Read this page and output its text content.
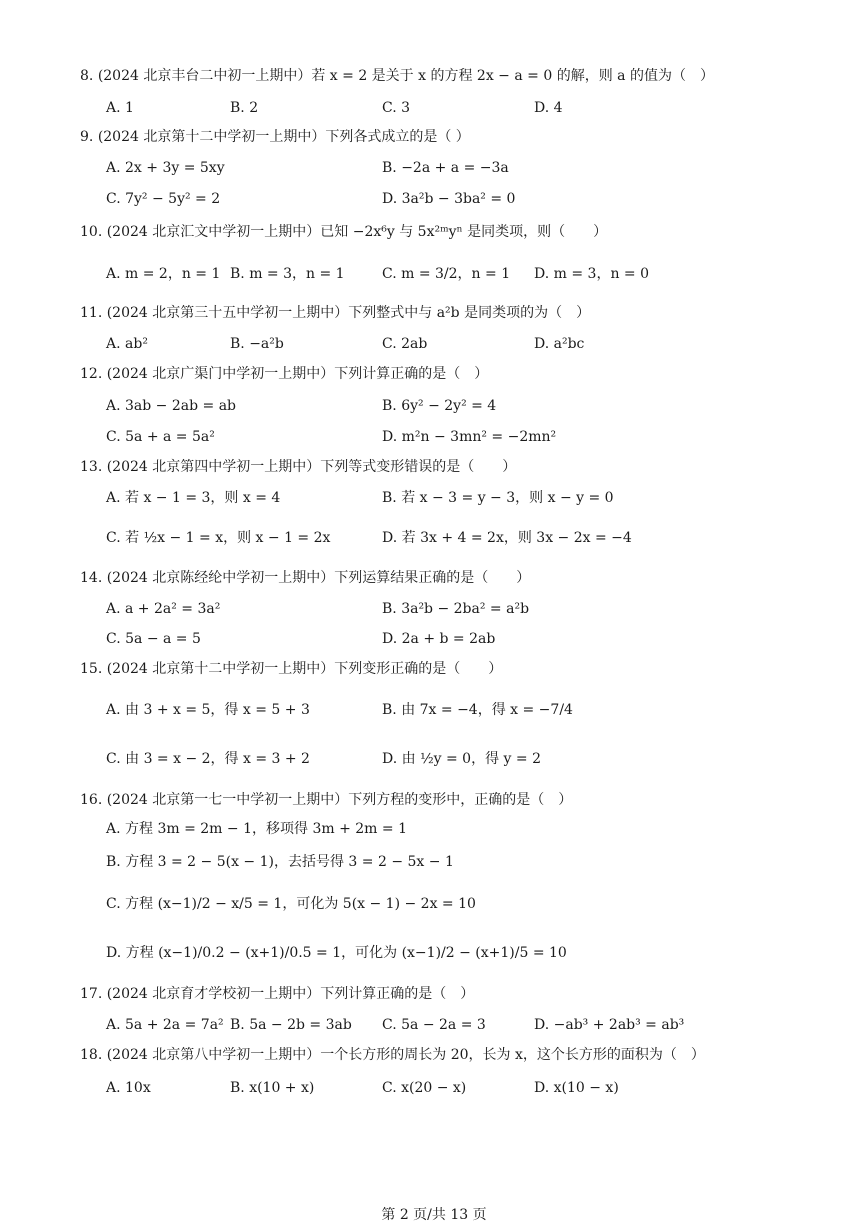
8. (2024 北京丰台二中初一上期中）若 x = 2 是关于 x 的方程 2x − a = 0 的解，则 a 的值为（　）
A. 1	B. 2	C. 3	D. 4
9. (2024 北京第十二中学初一上期中）下列各式成立的是（ ）
A. 2x + 3y = 5xy	B. −2a + a = −3a
C. 7y² − 5y² = 2	D. 3a²b − 3ba² = 0
10. (2024 北京汇文中学初一上期中）已知 −2x⁶y 与 5x²ᵐyⁿ 是同类项，则（　　）
A. m = 2，n = 1 B. m = 3，n = 1	C. m = 3/2，n = 1 D. m = 3，n = 0
11. (2024 北京第三十五中学初一上期中）下列整式中与 a²b 是同类项的为（　）
A. ab²	B. −a²b	C. 2ab	D. a²bc
12. (2024 北京广渠门中学初一上期中）下列计算正确的是（　）
A. 3ab − 2ab = ab	B. 6y² − 2y² = 4
C. 5a + a = 5a²	D. m²n − 3mn² = −2mn²
13. (2024 北京第四中学初一上期中）下列等式变形错误的是（　　）
A. 若 x − 1 = 3，则 x = 4	B. 若 x − 3 = y − 3，则 x − y = 0
C. 若 ½x − 1 = x，则 x − 1 = 2x	D. 若 3x + 4 = 2x，则 3x − 2x = −4
14. (2024 北京陈经纶中学初一上期中）下列运算结果正确的是（　　）
A. a + 2a² = 3a²	B. 3a²b − 2ba² = a²b
C. 5a − a = 5	D. 2a + b = 2ab
15. (2024 北京第十二中学初一上期中）下列变形正确的是（　　）
A. 由 3 + x = 5，得 x = 5 + 3	B. 由 7x = −4，得 x = −7/4
C. 由 3 = x − 2，得 x = 3 + 2	D. 由 ½y = 0，得 y = 2
16. (2024 北京第一七一中学初一上期中）下列方程的变形中，正确的是（　）
A. 方程 3m = 2m − 1，移项得 3m + 2m = 1
B. 方程 3 = 2 − 5(x − 1)，去括号得 3 = 2 − 5x − 1
C. 方程 (x−1)/2 − x/5 = 1，可化为 5(x − 1) − 2x = 10
D. 方程 (x−1)/0.2 − (x+1)/0.5 = 1，可化为 (x−1)/2 − (x+1)/5 = 10
17. (2024 北京育才学校初一上期中）下列计算正确的是（　）
A. 5a + 2a = 7a² B. 5a − 2b = 3ab C. 5a − 2a = 3	D. −ab³ + 2ab³ = ab³
18. (2024 北京第八中学初一上期中）一个长方形的周长为 20，长为 x，这个长方形的面积为（　）
A. 10x	B. x(10 + x)	C. x(20 − x)	D. x(10 − x)
第 2 页/共 13 页
